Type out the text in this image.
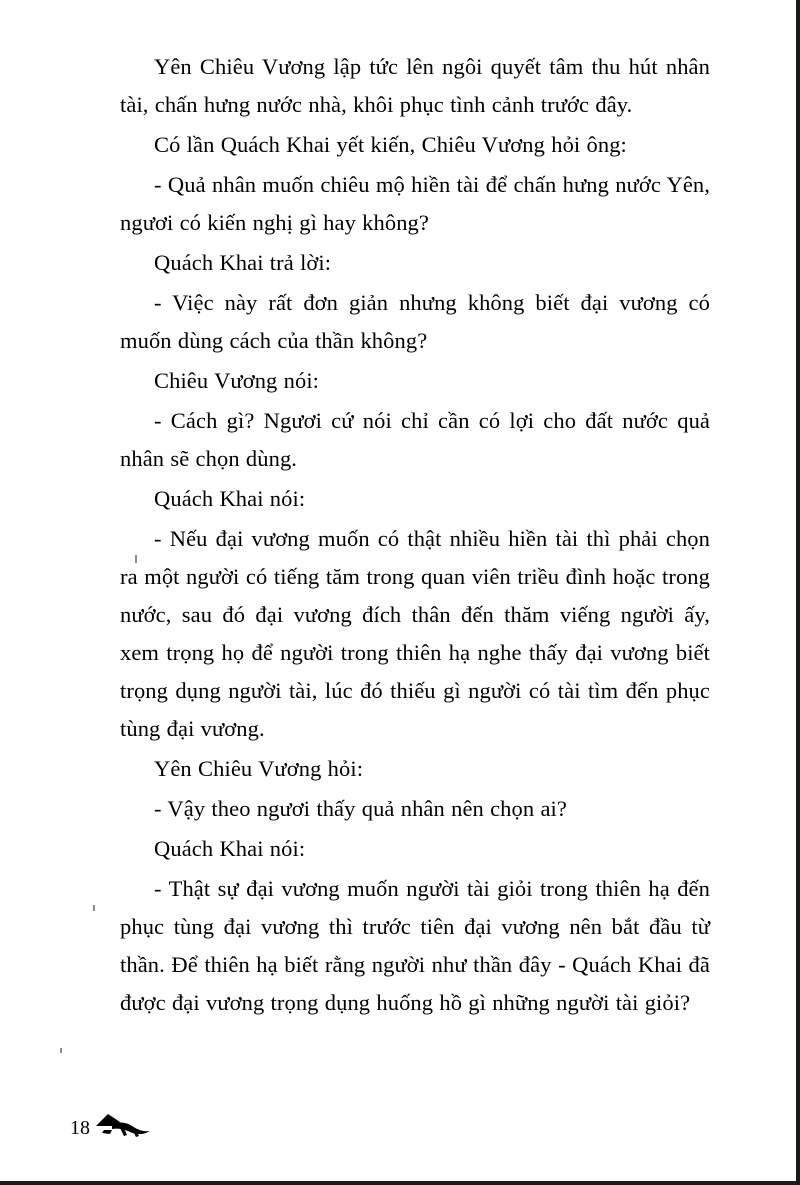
Yên Chiêu Vương lập tức lên ngôi quyết tâm thu hút nhân tài, chấn hưng nước nhà, khôi phục tình cảnh trước đây.

Có lần Quách Khai yết kiến, Chiêu Vương hỏi ông:

- Quả nhân muốn chiêu mộ hiền tài để chấn hưng nước Yên, ngươi có kiến nghị gì hay không?

Quách Khai trả lời:

- Việc này rất đơn giản nhưng không biết đại vương có muốn dùng cách của thần không?

Chiêu Vương nói:

- Cách gì? Ngươi cứ nói chỉ cần có lợi cho đất nước quả nhân sẽ chọn dùng.

Quách Khai nói:

- Nếu đại vương muốn có thật nhiều hiền tài thì phải chọn ra một người có tiếng tăm trong quan viên triều đình hoặc trong nước, sau đó đại vương đích thân đến thăm viếng người ấy, xem trọng họ để người trong thiên hạ nghe thấy đại vương biết trọng dụng người tài, lúc đó thiếu gì người có tài tìm đến phục tùng đại vương.

Yên Chiêu Vương hỏi:

- Vậy theo ngươi thấy quả nhân nên chọn ai?

Quách Khai nói:

- Thật sự đại vương muốn người tài giỏi trong thiên hạ đến phục tùng đại vương thì trước tiên đại vương nên bắt đầu từ thần. Để thiên hạ biết rằng người như thần đây - Quách Khai đã được đại vương trọng dụng huống hồ gì những người tài giỏi?

18
